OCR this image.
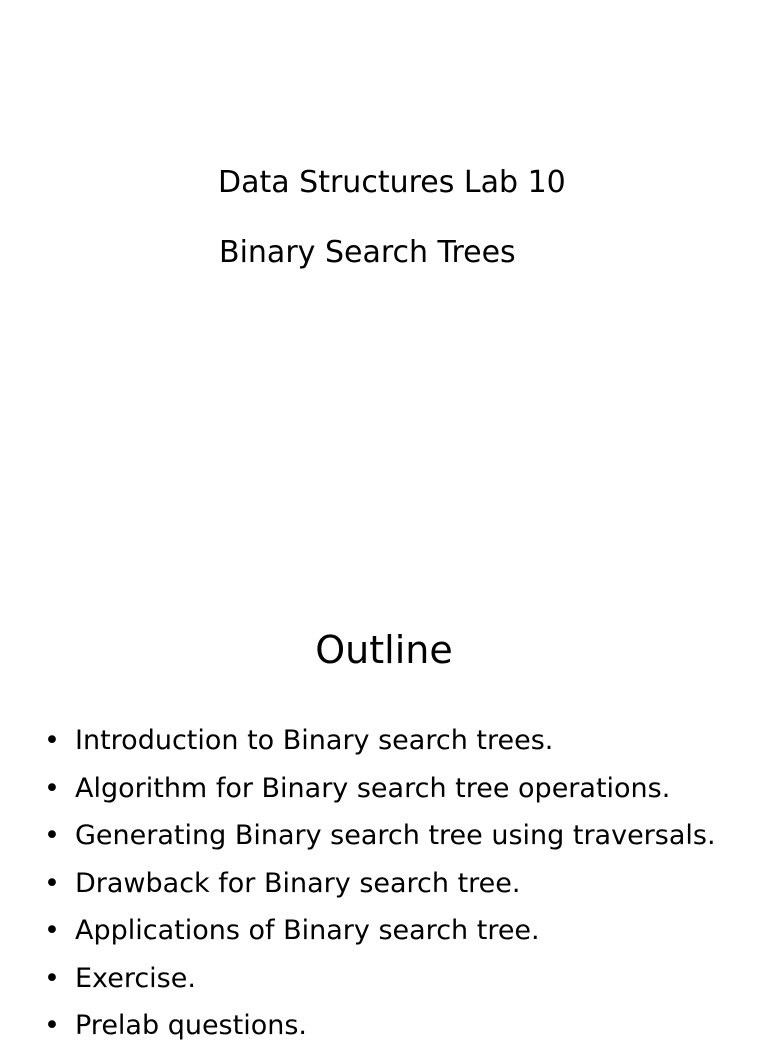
Data Structures Lab 10
Binary Search Trees
Outline
• Introduction to Binary search trees.
• Algorithm for Binary search tree operations.
• Generating Binary search tree using traversals.
• Drawback for Binary search tree.
• Applications of Binary search tree.
• Exercise.
• Prelab questions.
